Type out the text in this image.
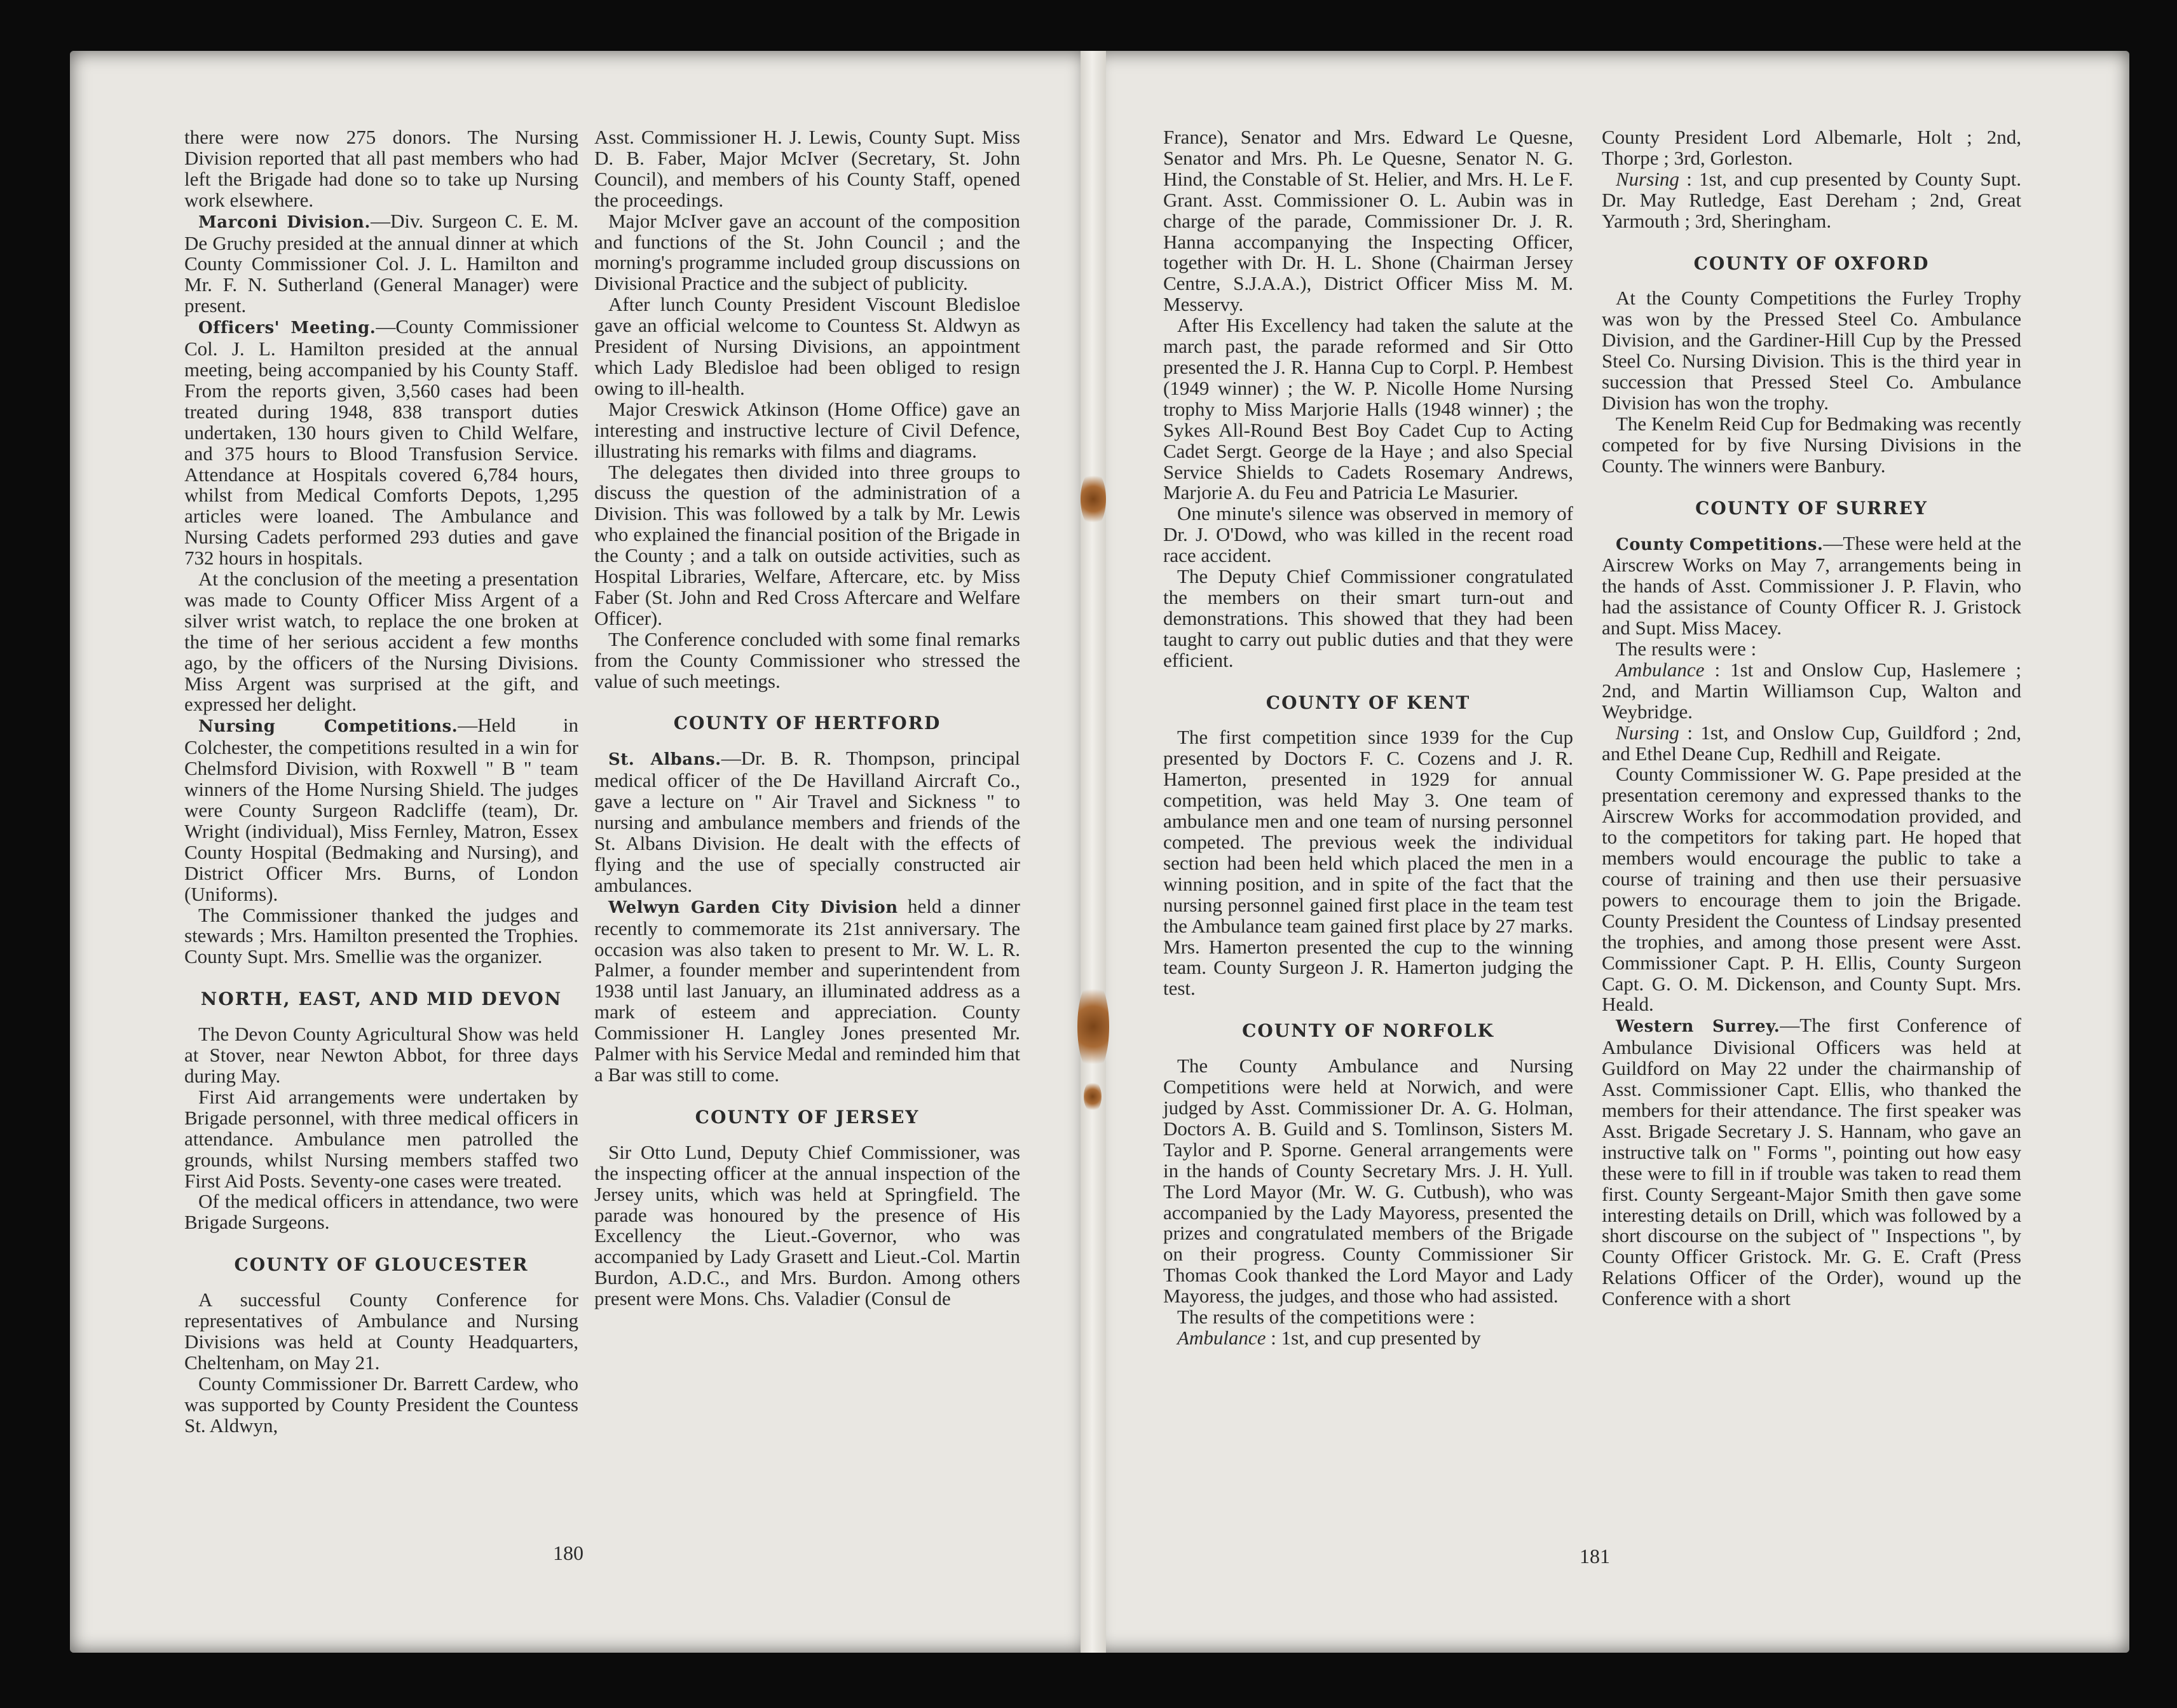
there were now 275 donors. The Nursing Division reported that all past members who had left the Brigade had done so to take up Nursing work elsewhere.

Marconi Division.—Div. Surgeon C. E. M. De Gruchy presided at the annual dinner at which County Commissioner Col. J. L. Hamilton and Mr. F. N. Sutherland (General Manager) were present.

Officers' Meeting.—County Commissioner Col. J. L. Hamilton presided at the annual meeting, being accompanied by his County Staff. From the reports given, 3,560 cases had been treated during 1948, 838 transport duties undertaken, 130 hours given to Child Welfare, and 375 hours to Blood Transfusion Service. Attendance at Hospitals covered 6,784 hours, whilst from Medical Comforts Depots, 1,295 articles were loaned. The Ambulance and Nursing Cadets performed 293 duties and gave 732 hours in hospitals.

At the conclusion of the meeting a presentation was made to County Officer Miss Argent of a silver wrist watch, to replace the one broken at the time of her serious accident a few months ago, by the officers of the Nursing Divisions. Miss Argent was surprised at the gift, and expressed her delight.

Nursing Competitions.—Held in Colchester, the competitions resulted in a win for Chelmsford Division, with Roxwell " B " team winners of the Home Nursing Shield. The judges were County Surgeon Radcliffe (team), Dr. Wright (individual), Miss Fernley, Matron, Essex County Hospital (Bedmaking and Nursing), and District Officer Mrs. Burns, of London (Uniforms).

The Commissioner thanked the judges and stewards ; Mrs. Hamilton presented the Trophies. County Supt. Mrs. Smellie was the organizer.

NORTH, EAST, AND MID DEVON

The Devon County Agricultural Show was held at Stover, near Newton Abbot, for three days during May.

First Aid arrangements were undertaken by Brigade personnel, with three medical officers in attendance. Ambulance men patrolled the grounds, whilst Nursing members staffed two First Aid Posts. Seventy-one cases were treated.

Of the medical officers in attendance, two were Brigade Surgeons.

COUNTY OF GLOUCESTER

A successful County Conference for representatives of Ambulance and Nursing Divisions was held at County Headquarters, Cheltenham, on May 21.

County Commissioner Dr. Barrett Cardew, who was supported by County President the Countess St. Aldwyn,

Asst. Commissioner H. J. Lewis, County Supt. Miss D. B. Faber, Major McIver (Secretary, St. John Council), and members of his County Staff, opened the proceedings.

Major McIver gave an account of the composition and functions of the St. John Council ; and the morning's programme included group discussions on Divisional Practice and the subject of publicity.

After lunch County President Viscount Bledisloe gave an official welcome to Countess St. Aldwyn as President of Nursing Divisions, an appointment which Lady Bledisloe had been obliged to resign owing to ill-health.

Major Creswick Atkinson (Home Office) gave an interesting and instructive lecture of Civil Defence, illustrating his remarks with films and diagrams.

The delegates then divided into three groups to discuss the question of the administration of a Division. This was followed by a talk by Mr. Lewis who explained the financial position of the Brigade in the County ; and a talk on outside activities, such as Hospital Libraries, Welfare, Aftercare, etc. by Miss Faber (St. John and Red Cross Aftercare and Welfare Officer).

The Conference concluded with some final remarks from the County Commissioner who stressed the value of such meetings.

COUNTY OF HERTFORD

St. Albans.—Dr. B. R. Thompson, principal medical officer of the De Havilland Aircraft Co., gave a lecture on " Air Travel and Sickness " to nursing and ambulance members and friends of the St. Albans Division. He dealt with the effects of flying and the use of specially constructed air ambulances.

Welwyn Garden City Division held a dinner recently to commemorate its 21st anniversary. The occasion was also taken to present to Mr. W. L. R. Palmer, a founder member and superintendent from 1938 until last January, an illuminated address as a mark of esteem and appreciation. County Commissioner H. Langley Jones presented Mr. Palmer with his Service Medal and reminded him that a Bar was still to come.

COUNTY OF JERSEY

Sir Otto Lund, Deputy Chief Commissioner, was the inspecting officer at the annual inspection of the Jersey units, which was held at Springfield. The parade was honoured by the presence of His Excellency the Lieut.-Governor, who was accompanied by Lady Grasett and Lieut.-Col. Martin Burdon, A.D.C., and Mrs. Burdon. Among others present were Mons. Chs. Valadier (Consul de

180

France), Senator and Mrs. Edward Le Quesne, Senator and Mrs. Ph. Le Quesne, Senator N. G. Hind, the Constable of St. Helier, and Mrs. H. Le F. Grant. Asst. Commissioner O. L. Aubin was in charge of the parade, Commissioner Dr. J. R. Hanna accompanying the Inspecting Officer, together with Dr. H. L. Shone (Chairman Jersey Centre, S.J.A.A.), District Officer Miss M. M. Messervy.

After His Excellency had taken the salute at the march past, the parade reformed and Sir Otto presented the J. R. Hanna Cup to Corpl. P. Hembest (1949 winner) ; the W. P. Nicolle Home Nursing trophy to Miss Marjorie Halls (1948 winner) ; the Sykes All-Round Best Boy Cadet Cup to Acting Cadet Sergt. George de la Haye ; and also Special Service Shields to Cadets Rosemary Andrews, Marjorie A. du Feu and Patricia Le Masurier.

One minute's silence was observed in memory of Dr. J. O'Dowd, who was killed in the recent road race accident.

The Deputy Chief Commissioner congratulated the members on their smart turn-out and demonstrations. This showed that they had been taught to carry out public duties and that they were efficient.

COUNTY OF KENT

The first competition since 1939 for the Cup presented by Doctors F. C. Cozens and J. R. Hamerton, presented in 1929 for annual competition, was held May 3. One team of ambulance men and one team of nursing personnel competed. The previous week the individual section had been held which placed the men in a winning position, and in spite of the fact that the nursing personnel gained first place in the team test the Ambulance team gained first place by 27 marks. Mrs. Hamerton presented the cup to the winning team. County Surgeon J. R. Hamerton judging the test.

COUNTY OF NORFOLK

The County Ambulance and Nursing Competitions were held at Norwich, and were judged by Asst. Commissioner Dr. A. G. Holman, Doctors A. B. Guild and S. Tomlinson, Sisters M. Taylor and P. Sporne. General arrangements were in the hands of County Secretary Mrs. J. H. Yull. The Lord Mayor (Mr. W. G. Cutbush), who was accompanied by the Lady Mayoress, presented the prizes and congratulated members of the Brigade on their progress. County Commissioner Sir Thomas Cook thanked the Lord Mayor and Lady Mayoress, the judges, and those who had assisted.

The results of the competitions were :

Ambulance : 1st, and cup presented by

County President Lord Albemarle, Holt ; 2nd, Thorpe ; 3rd, Gorleston.

Nursing : 1st, and cup presented by County Supt. Dr. May Rutledge, East Dereham ; 2nd, Great Yarmouth ; 3rd, Sheringham.

COUNTY OF OXFORD

At the County Competitions the Furley Trophy was won by the Pressed Steel Co. Ambulance Division, and the Gardiner-Hill Cup by the Pressed Steel Co. Nursing Division. This is the third year in succession that Pressed Steel Co. Ambulance Division has won the trophy.

The Kenelm Reid Cup for Bedmaking was recently competed for by five Nursing Divisions in the County. The winners were Banbury.

COUNTY OF SURREY

County Competitions.—These were held at the Airscrew Works on May 7, arrangements being in the hands of Asst. Commissioner J. P. Flavin, who had the assistance of County Officer R. J. Gristock and Supt. Miss Macey.

The results were :

Ambulance : 1st and Onslow Cup, Haslemere ; 2nd, and Martin Williamson Cup, Walton and Weybridge.

Nursing : 1st, and Onslow Cup, Guildford ; 2nd, and Ethel Deane Cup, Redhill and Reigate.

County Commissioner W. G. Pape presided at the presentation ceremony and expressed thanks to the Airscrew Works for accommodation provided, and to the competitors for taking part. He hoped that members would encourage the public to take a course of training and then use their persuasive powers to encourage them to join the Brigade. County President the Countess of Lindsay presented the trophies, and among those present were Asst. Commissioner Capt. P. H. Ellis, County Surgeon Capt. G. O. M. Dickenson, and County Supt. Mrs. Heald.

Western Surrey.—The first Conference of Ambulance Divisional Officers was held at Guildford on May 22 under the chairmanship of Asst. Commissioner Capt. Ellis, who thanked the members for their attendance. The first speaker was Asst. Brigade Secretary J. S. Hannam, who gave an instructive talk on " Forms ", pointing out how easy these were to fill in if trouble was taken to read them first. County Sergeant-Major Smith then gave some interesting details on Drill, which was followed by a short discourse on the subject of " Inspections ", by County Officer Gristock. Mr. G. E. Craft (Press Relations Officer of the Order), wound up the Conference with a short

181
